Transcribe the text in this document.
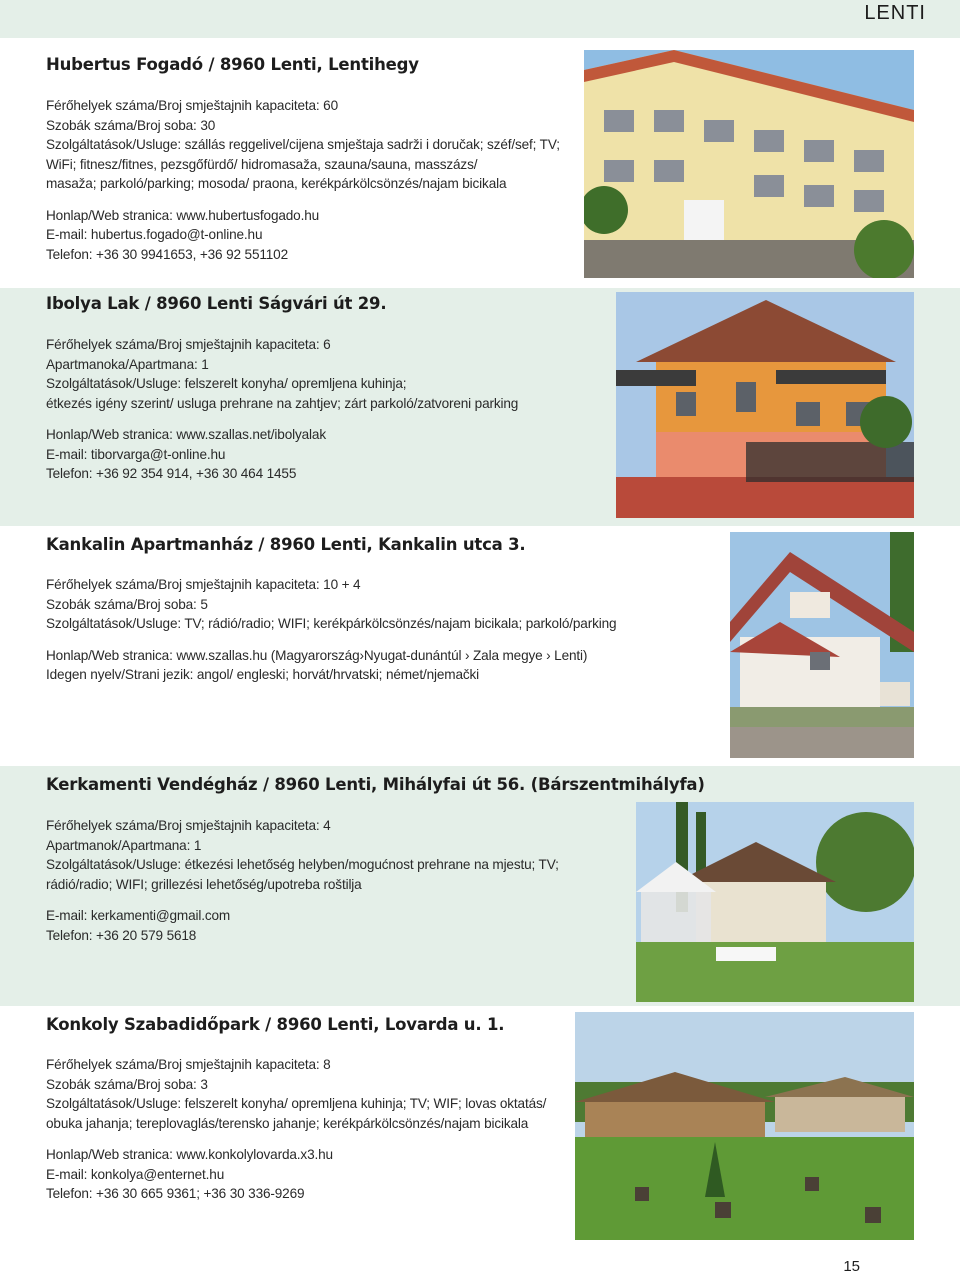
LENTI
Hubertus Fogadó / 8960 Lenti, Lentihegy
Férőhelyek száma/Broj smještajnih kapaciteta: 60
Szobák száma/Broj soba: 30
Szolgáltatások/Usluge: szállás reggelivel/cijena smještaja sadrži i doručak; széf/sef; TV;
WiFi; fitnesz/fitnes, pezsgőfürdő/ hidromasaža, szauna/sauna, masszázs/
masaža; parkoló/parking; mosoda/ praona, kerékpárkölcsönzés/najam bicikala
Honlap/Web stranica: www.hubertusfogado.hu
E-mail: hubertus.fogado@t-online.hu
Telefon: +36 30 9941653, +36 92 551102
Ibolya Lak / 8960 Lenti Ságvári út 29.
Férőhelyek száma/Broj smještajnih kapaciteta: 6
Apartmanoka/Apartmana: 1
Szolgáltatások/Usluge: felszerelt konyha/ opremljena kuhinja;
étkezés igény szerint/ usluga prehrane na zahtjev; zárt parkoló/zatvoreni parking
Honlap/Web stranica: www.szallas.net/ibolyalak
E-mail: tiborvarga@t-online.hu
Telefon: +36 92 354 914, +36 30 464 1455
Kankalin Apartmanház / 8960 Lenti, Kankalin utca 3.
Férőhelyek száma/Broj smještajnih kapaciteta: 10 + 4
Szobák száma/Broj soba: 5
Szolgáltatások/Usluge: TV; rádió/radio; WIFI; kerékpárkölcsönzés/najam bicikala; parkoló/parking
Honlap/Web stranica: www.szallas.hu (Magyarország›Nyugat-dunántúl › Zala megye › Lenti)
Idegen nyelv/Strani jezik: angol/ engleski; horvát/hrvatski; német/njemački
Kerkamenti Vendégház / 8960 Lenti, Mihályfai út 56. (Bárszentmihályfa)
Férőhelyek száma/Broj smještajnih kapaciteta: 4
Apartmanok/Apartmana: 1
Szolgáltatások/Usluge: étkezési lehetőség helyben/mogućnost prehrane na mjestu; TV;
rádió/radio; WIFI; grillezési lehetőség/upotreba roštilja
E-mail: kerkamenti@gmail.com
Telefon: +36 20 579 5618
Konkoly Szabadidőpark / 8960 Lenti, Lovarda u. 1.
Férőhelyek száma/Broj smještajnih kapaciteta: 8
Szobák száma/Broj soba: 3
Szolgáltatások/Usluge: felszerelt konyha/ opremljena kuhinja; TV; WIF; lovas oktatás/
obuka jahanja; tereplovaglás/terensko jahanje; kerékpárkölcsönzés/najam bicikala
Honlap/Web stranica: www.konkolylovarda.x3.hu
E-mail: konkolya@enternet.hu
Telefon: +36 30 665 9361; +36 30 336-9269
15
